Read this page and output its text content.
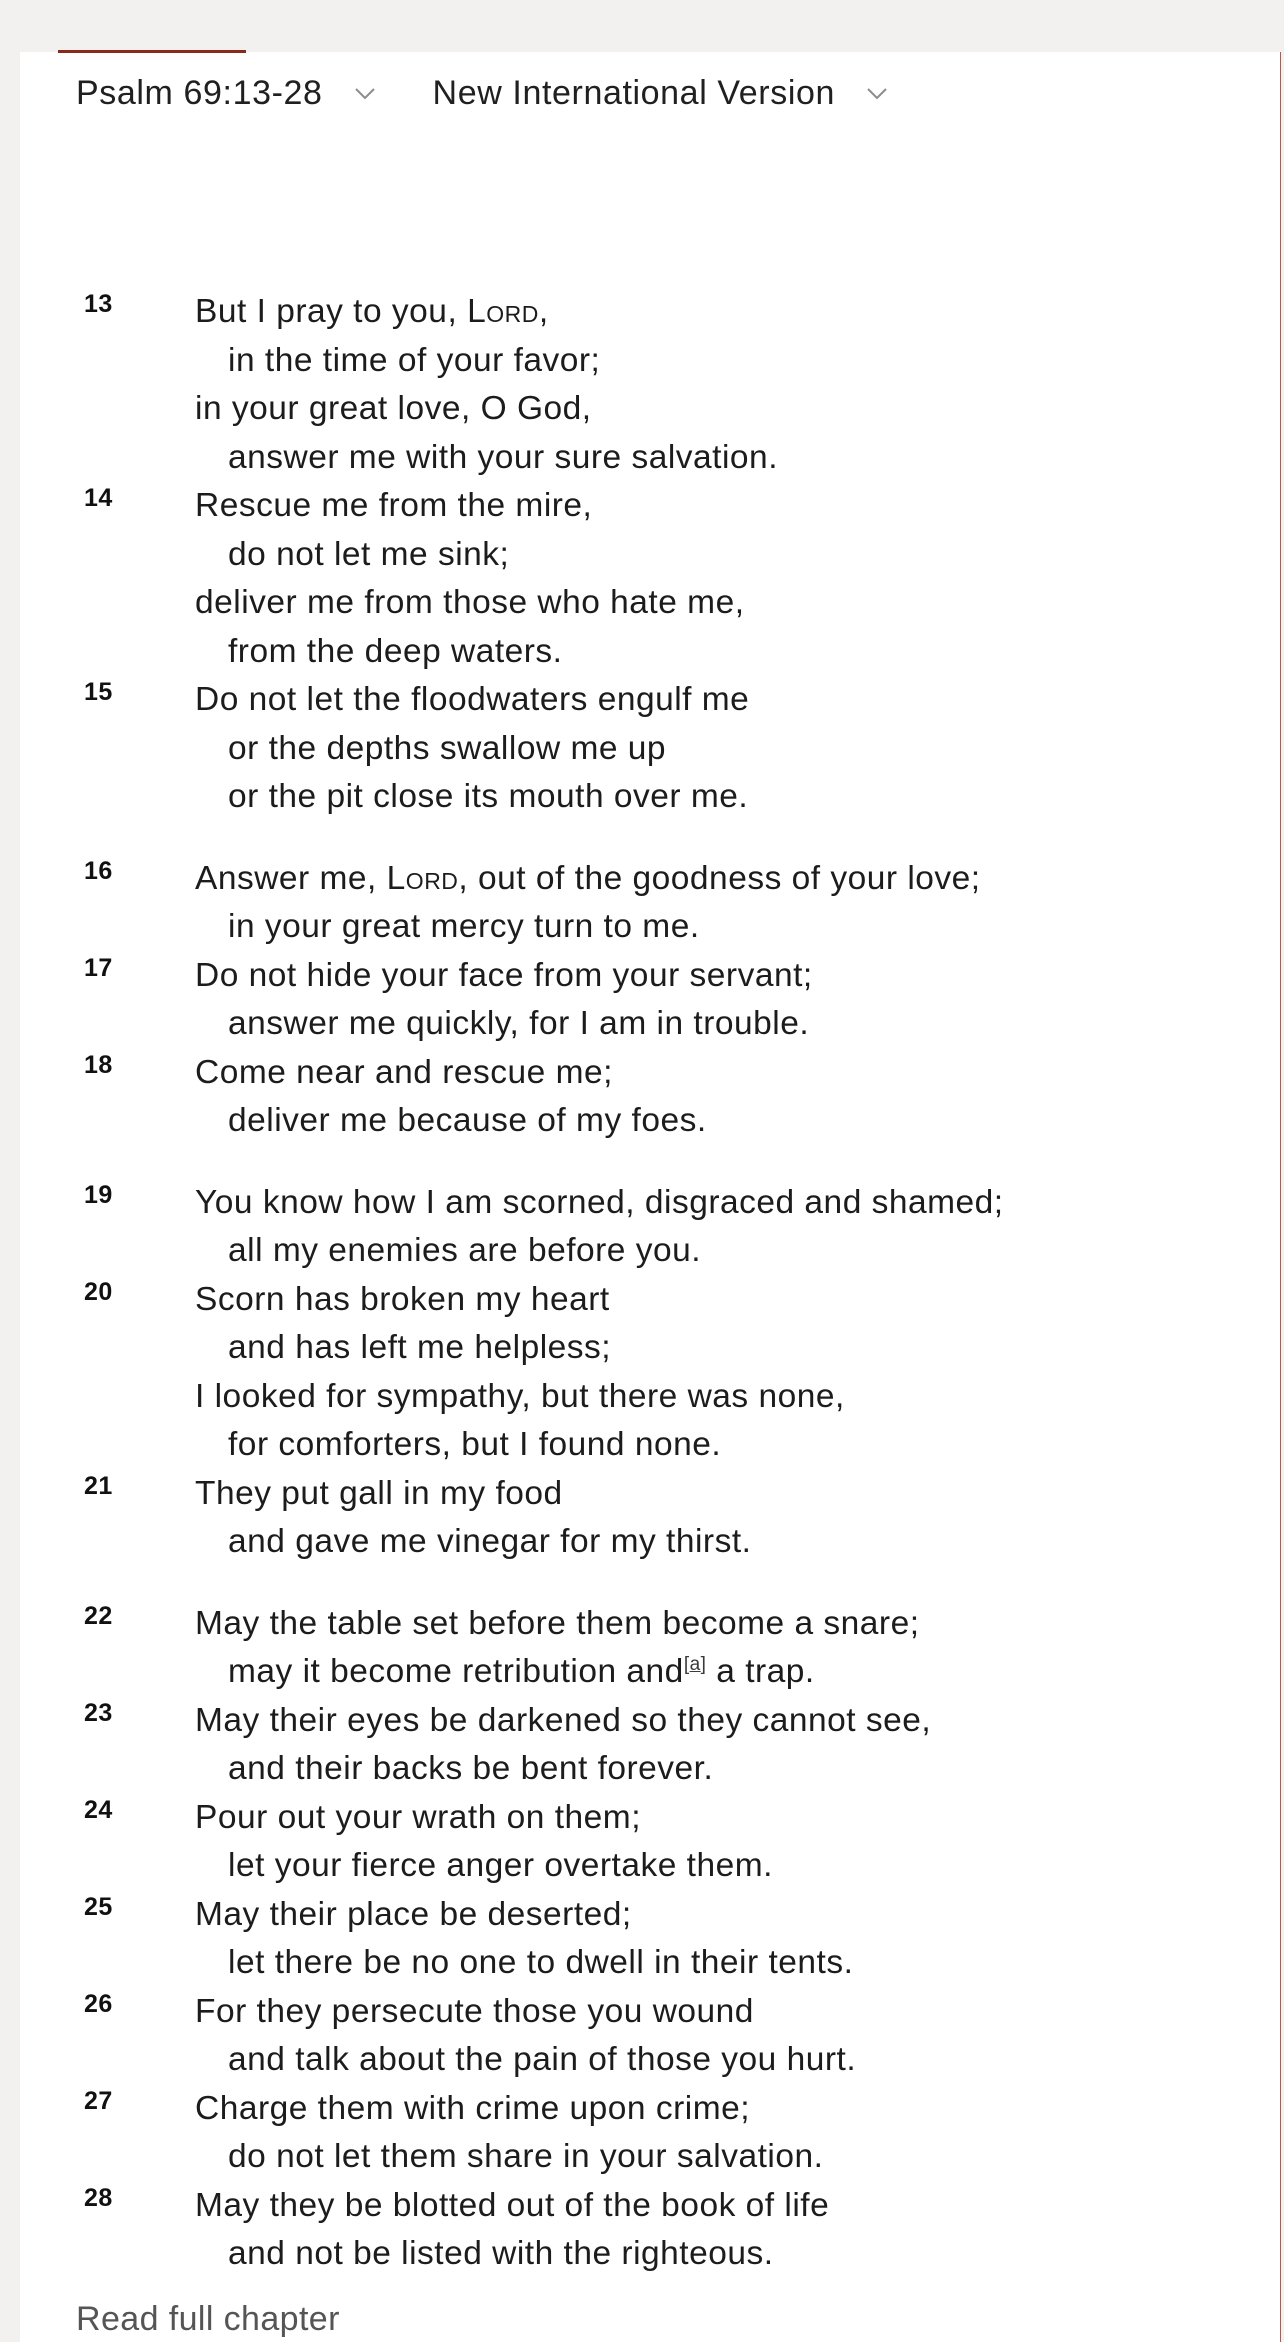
Psalm 69:13-28	New International Version
13	But I pray to you, Lord,
in the time of your favor;
in your great love, O God,
answer me with your sure salvation.
14	Rescue me from the mire,
do not let me sink;
deliver me from those who hate me,
from the deep waters.
15	Do not let the floodwaters engulf me
or the depths swallow me up
or the pit close its mouth over me.
16	Answer me, Lord, out of the goodness of your love;
in your great mercy turn to me.
17	Do not hide your face from your servant;
answer me quickly, for I am in trouble.
18	Come near and rescue me;
deliver me because of my foes.
19	You know how I am scorned, disgraced and shamed;
all my enemies are before you.
20	Scorn has broken my heart
and has left me helpless;
I looked for sympathy, but there was none,
for comforters, but I found none.
21	They put gall in my food
and gave me vinegar for my thirst.
22	May the table set before them become a snare;
may it become retribution and[a] a trap.
23	May their eyes be darkened so they cannot see,
and their backs be bent forever.
24	Pour out your wrath on them;
let your fierce anger overtake them.
25	May their place be deserted;
let there be no one to dwell in their tents.
26	For they persecute those you wound
and talk about the pain of those you hurt.
27	Charge them with crime upon crime;
do not let them share in your salvation.
28	May they be blotted out of the book of life
and not be listed with the righteous.
Read full chapter
